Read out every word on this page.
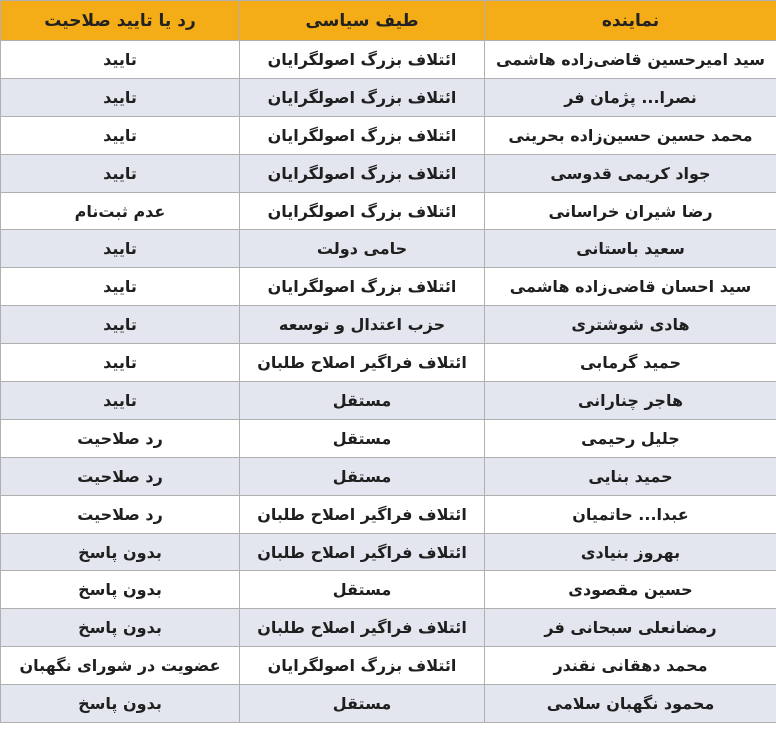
نماینده	طیف سیاسی	رد یا تایید صلاحیت
سید امیرحسین قاضی‌زاده هاشمی	ائتلاف بزرگ اصولگرایان	تایید
نصرا... پژمان فر	ائتلاف بزرگ اصولگرایان	تایید
محمد حسین حسین‌زاده بحرینی	ائتلاف بزرگ اصولگرایان	تایید
جواد کریمی قدوسی	ائتلاف بزرگ اصولگرایان	تایید
رضا شیران خراسانی	ائتلاف بزرگ اصولگرایان	عدم ثبت‌نام
سعید باستانی	حامی دولت	تایید
سید احسان قاضی‌زاده هاشمی	ائتلاف بزرگ اصولگرایان	تایید
هادی شوشتری	حزب اعتدال و توسعه	تایید
حمید گرمابی	ائتلاف فراگیر اصلاح طلبان	تایید
هاجر چنارانی	مستقل	تایید
جلیل رحیمی	مستقل	رد صلاحیت
حمید بنایی	مستقل	رد صلاحیت
عبدا... حاتمیان	ائتلاف فراگیر اصلاح طلبان	رد صلاحیت
بهروز بنیادی	ائتلاف فراگیر اصلاح طلبان	بدون پاسخ
حسین مقصودی	مستقل	بدون پاسخ
رمضانعلی سبحانی فر	ائتلاف فراگیر اصلاح طلبان	بدون پاسخ
محمد دهقانی نقندر	ائتلاف بزرگ اصولگرایان	عضویت در شورای نگهبان
محمود نگهبان سلامی	مستقل	بدون پاسخ
